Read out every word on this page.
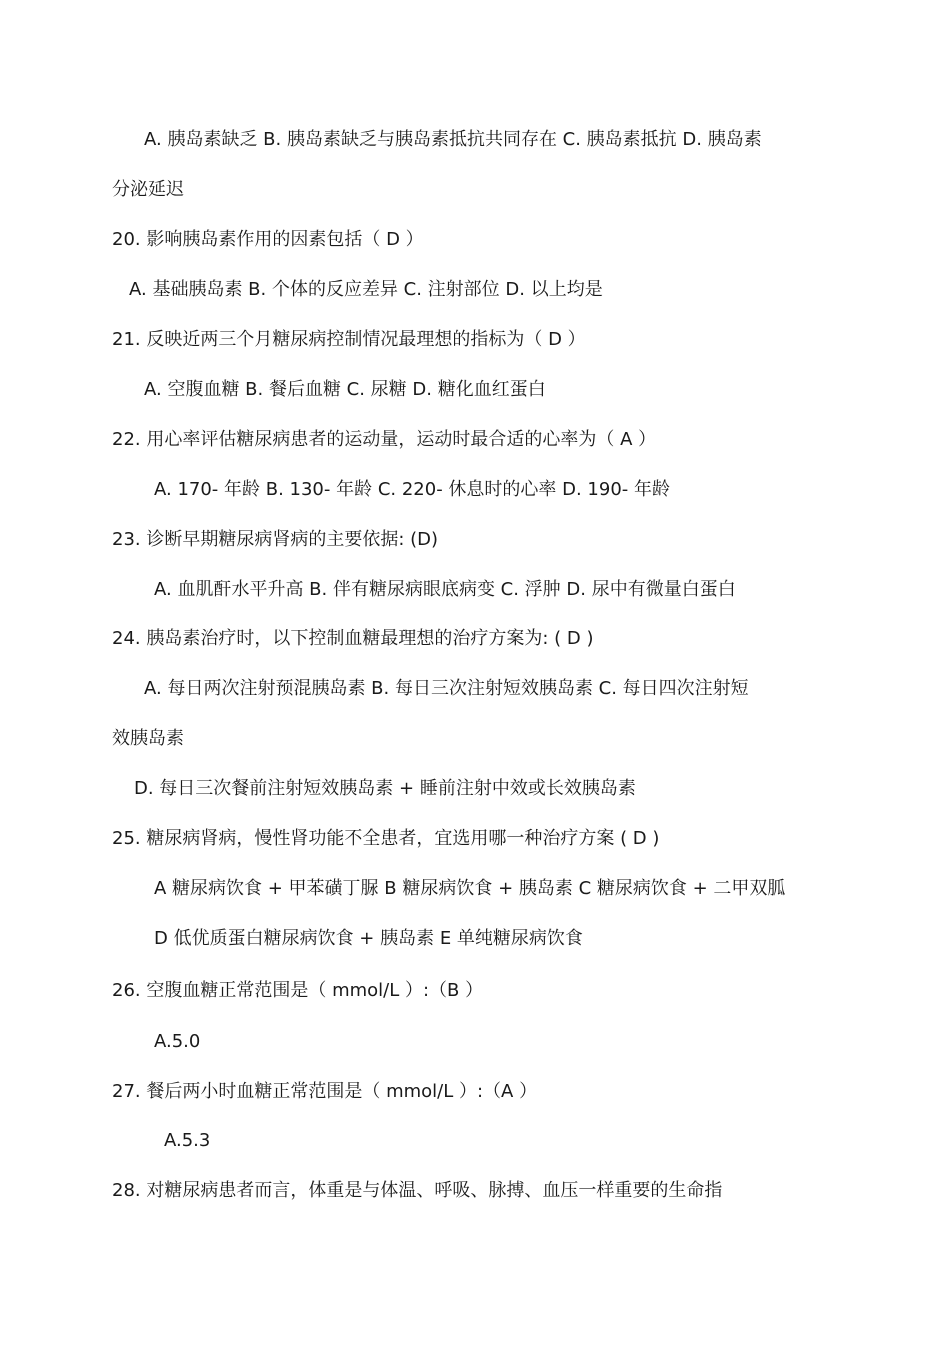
A. 胰岛素缺乏 B. 胰岛素缺乏与胰岛素抵抗共同存在 C. 胰岛素抵抗 D. 胰岛素
分泌延迟
20. 影响胰岛素作用的因素包括（ D ）
A. 基础胰岛素 B. 个体的反应差异 C. 注射部位 D. 以上均是
21. 反映近两三个月糖尿病控制情况最理想的指标为（ D ）
A. 空腹血糖 B. 餐后血糖 C. 尿糖 D. 糖化血红蛋白
22. 用心率评估糖尿病患者的运动量，运动时最合适的心率为（ A ）
A. 170- 年龄 B. 130- 年龄 C. 220- 休息时的心率 D. 190- 年龄
23. 诊断早期糖尿病肾病的主要依据: (D)
A. 血肌酐水平升高 B. 伴有糖尿病眼底病变 C. 浮肿 D. 尿中有微量白蛋白
24. 胰岛素治疗时，以下控制血糖最理想的治疗方案为: ( D )
A. 每日两次注射预混胰岛素 B. 每日三次注射短效胰岛素 C. 每日四次注射短
效胰岛素
D. 每日三次餐前注射短效胰岛素 + 睡前注射中效或长效胰岛素
25. 糖尿病肾病，慢性肾功能不全患者，宜选用哪一种治疗方案 ( D )
A 糖尿病饮食 + 甲苯磺丁脲 B 糖尿病饮食 + 胰岛素 C 糖尿病饮食 + 二甲双胍
D 低优质蛋白糖尿病饮食 + 胰岛素 E 单纯糖尿病饮食
26. 空腹血糖正常范围是（ mmol/L ）:（B ）
A.5.0
27. 餐后两小时血糖正常范围是（ mmol/L ）:（A ）
A.5.3
28. 对糖尿病患者而言，体重是与体温、呼吸、脉搏、血压一样重要的生命指
